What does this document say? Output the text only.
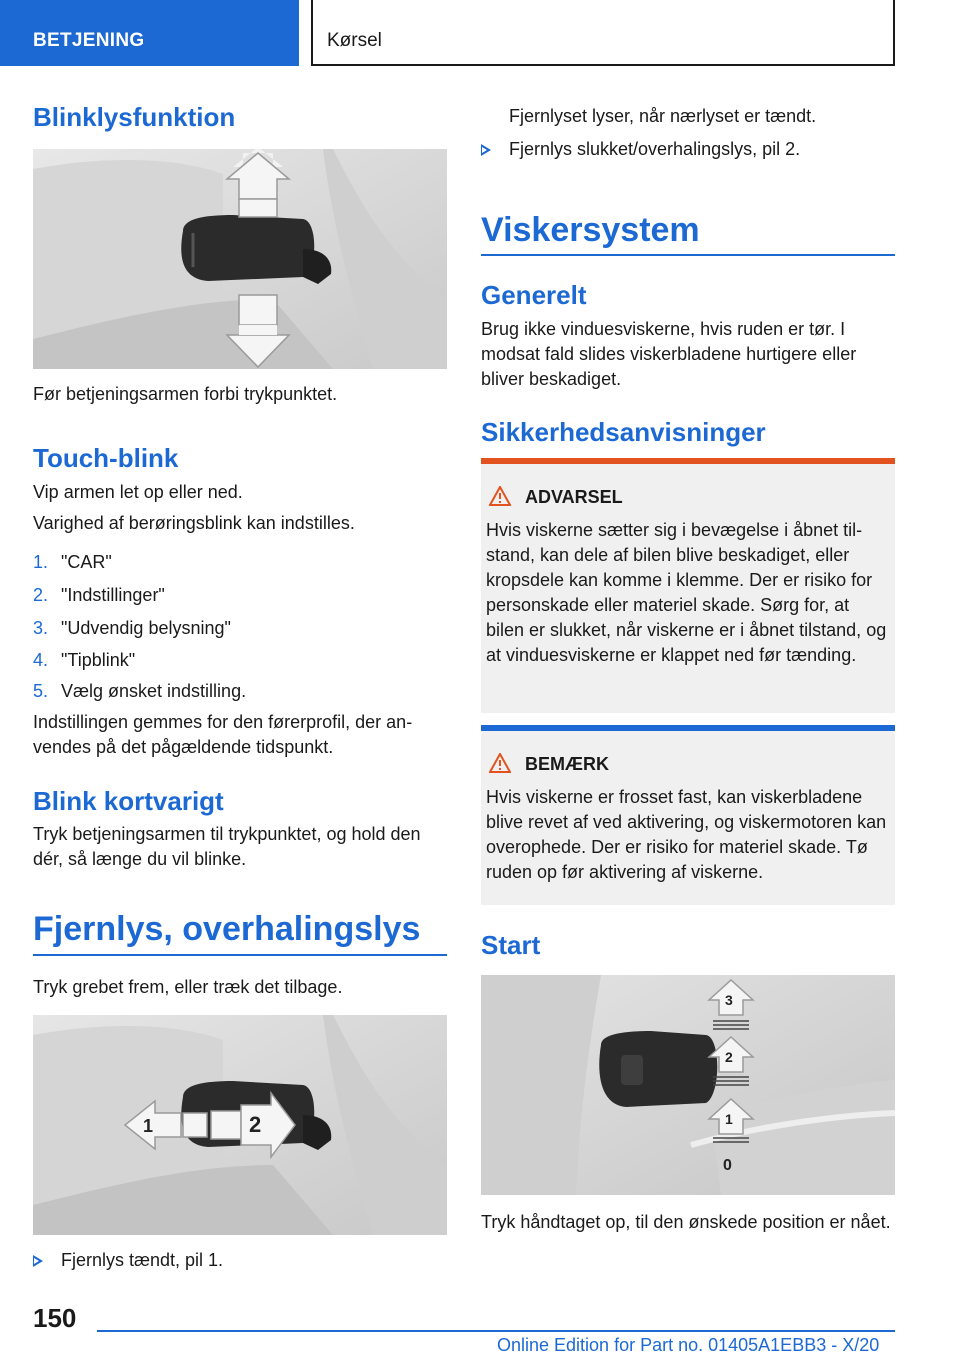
BETJENING	Kørsel
Blinklysfunktion
Før betjeningsarmen forbi trykpunktet.
Touch-blink
Vip armen let op eller ned.
Varighed af berøringsblink kan indstilles.
1. "CAR"
2. "Indstillinger"
3. "Udvendig belysning"
4. "Tipblink"
5. Vælg ønsket indstilling.
Indstillingen gemmes for den førerprofil, der anvendes på det pågældende tidspunkt.
Blink kortvarigt
Tryk betjeningsarmen til trykpunktet, og hold den dér, så længe du vil blinke.
Fjernlys, overhalingslys
Tryk grebet frem, eller træk det tilbage.
1	2
Fjernlys tændt, pil 1.
Fjernlyset lyser, når nærlyset er tændt.
Fjernlys slukket/overhalingslys, pil 2.
Viskersystem
Generelt
Brug ikke vinduesviskerne, hvis ruden er tør. I modsat fald slides viskerbladene hurtigere eller bliver beskadiget.
Sikkerhedsanvisninger
ADVARSEL
Hvis viskerne sætter sig i bevægelse i åbnet tilstand, kan dele af bilen blive beskadiget, eller kropsdele kan komme i klemme. Der er risiko for personskade eller materiel skade. Sørg for, at bilen er slukket, når viskerne er i åbnet tilstand, og at vinduesviskerne er klappet ned før tænding.
BEMÆRK
Hvis viskerne er frosset fast, kan viskerbladene blive revet af ved aktivering, og viskermotoren kan overophede. Der er risiko for materiel skade. Tø ruden op før aktivering af viskerne.
Start
3
2
1
0
Tryk håndtaget op, til den ønskede position er nået.
150
Online Edition for Part no. 01405A1EBB3 - X/20
